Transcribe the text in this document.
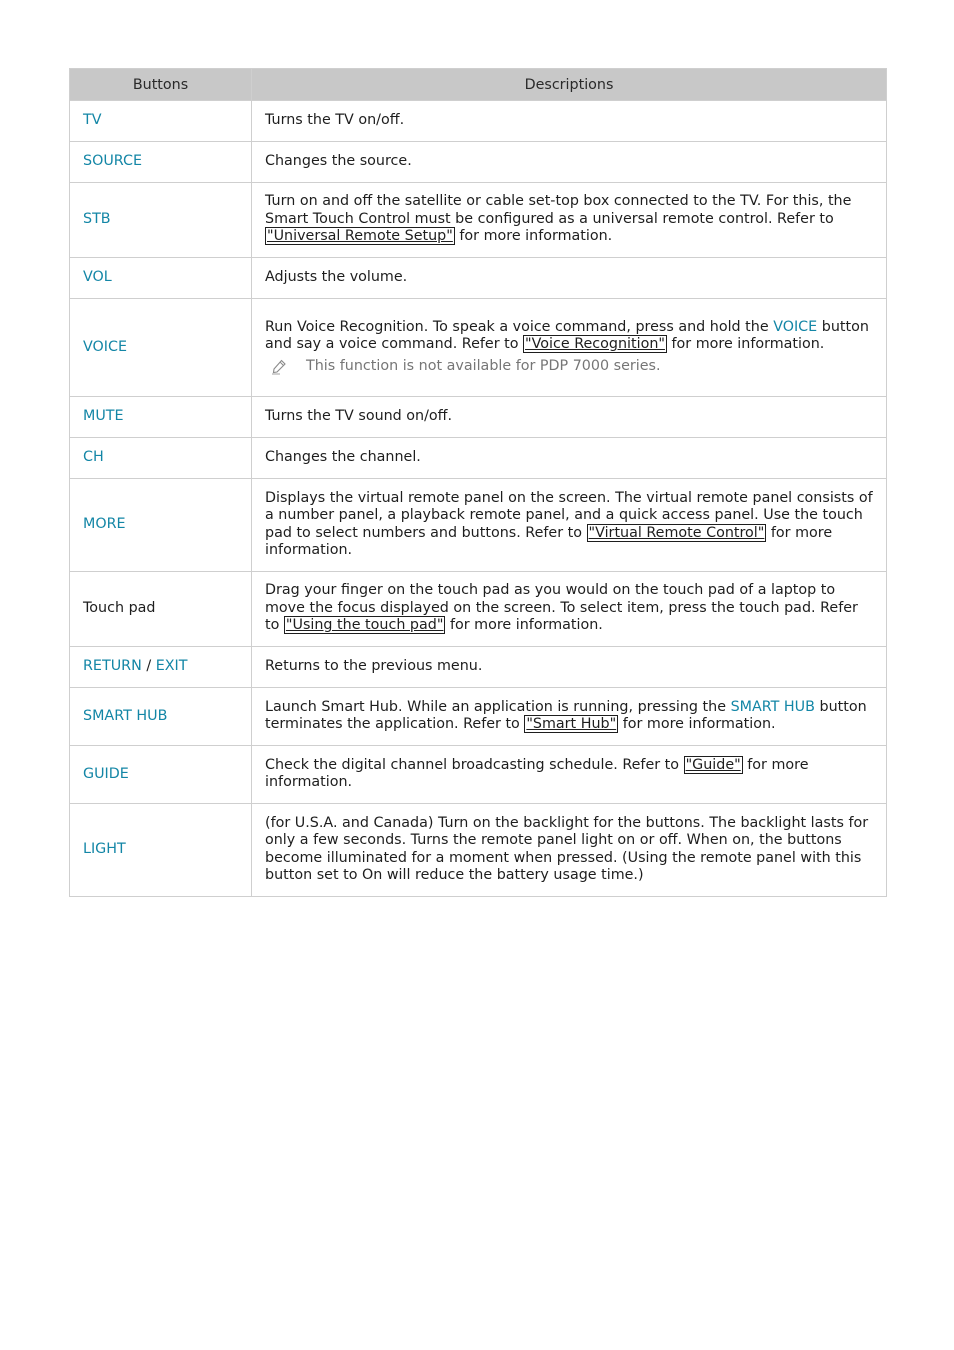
Buttons	Descriptions
TV	Turns the TV on/off.
SOURCE	Changes the source.
STB	Turn on and off the satellite or cable set-top box connected to the TV. For this, the Smart Touch Control must be configured as a universal remote control. Refer to "Universal Remote Setup" for more information.
VOL	Adjusts the volume.
VOICE	Run Voice Recognition. To speak a voice command, press and hold the VOICE button and say a voice command. Refer to "Voice Recognition" for more information.
This function is not available for PDP 7000 series.

MUTE	Turns the TV sound on/off.
CH	Changes the channel.
MORE	Displays the virtual remote panel on the screen. The virtual remote panel consists of a number panel, a playback remote panel, and a quick access panel. Use the touch pad to select numbers and buttons. Refer to "Virtual Remote Control" for more information.
Touch pad	Drag your finger on the touch pad as you would on the touch pad of a laptop to move the focus displayed on the screen. To select item, press the touch pad. Refer to "Using the touch pad" for more information.
RETURN / EXIT	Returns to the previous menu.
SMART HUB	Launch Smart Hub. While an application is running, pressing the SMART HUB button terminates the application. Refer to "Smart Hub" for more information.
GUIDE	Check the digital channel broadcasting schedule. Refer to "Guide" for more information.
LIGHT	(for U.S.A. and Canada) Turn on the backlight for the buttons. The backlight lasts for only a few seconds. Turns the remote panel light on or off. When on, the buttons become illuminated for a moment when pressed. (Using the remote panel with this button set to On will reduce the battery usage time.)
